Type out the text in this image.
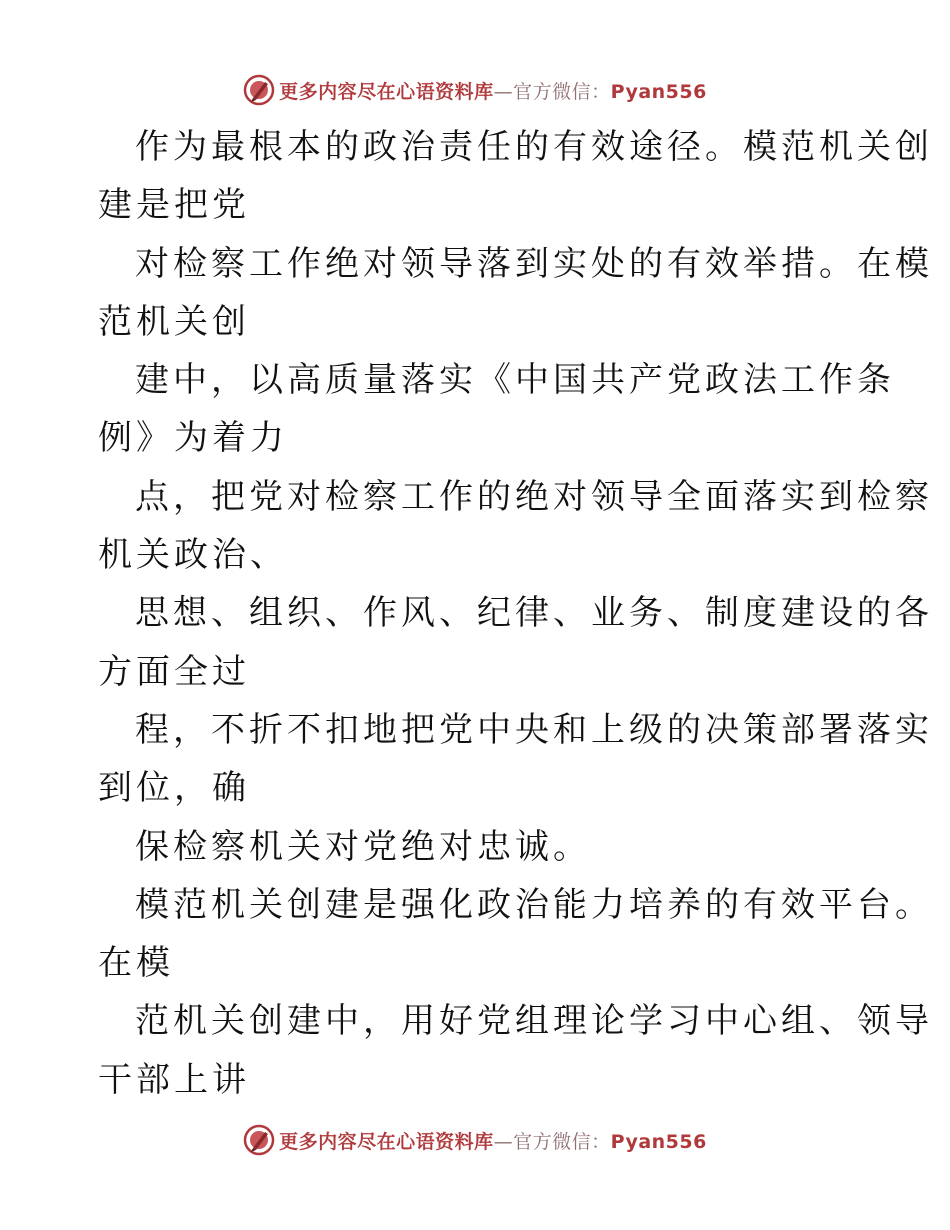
更多内容尽在心语资料库—官方微信：Pyan556
作为最根本的政治责任的有效途径。模范机关创
建是把党
对检察工作绝对领导落到实处的有效举措。在模
范机关创
建中，以高质量落实《中国共产党政法工作条
例》为着力
点，把党对检察工作的绝对领导全面落实到检察
机关政治、
思想、组织、作风、纪律、业务、制度建设的各
方面全过
程，不折不扣地把党中央和上级的决策部署落实
到位，确
保检察机关对党绝对忠诚。
模范机关创建是强化政治能力培养的有效平台。
在模
范机关创建中，用好党组理论学习中心组、领导
干部上讲
更多内容尽在心语资料库—官方微信：Pyan556
